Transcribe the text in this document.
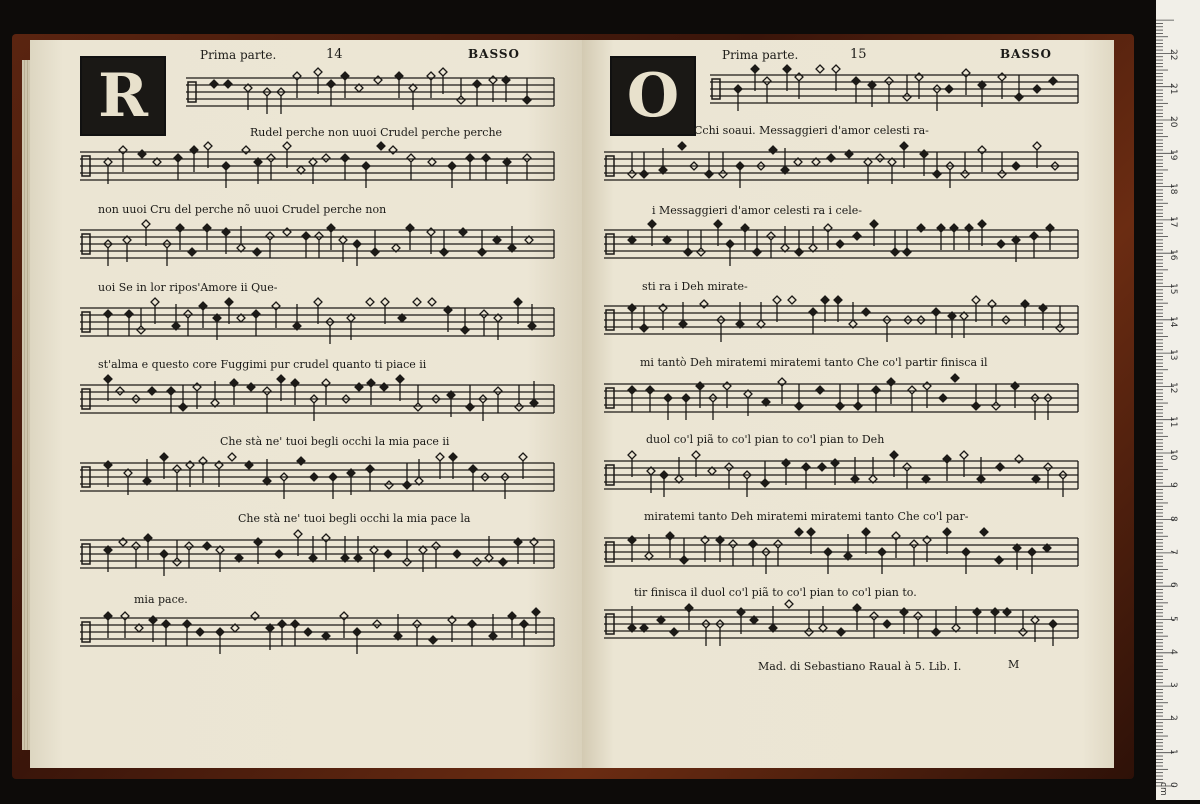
R
Prima parte.	14	BASSO
Rudel perche non uuoi Crudel perche perche
non uuoi Cru del perche nõ uuoi Crudel perche non
uoi Se in lor ripos'Amore ii Que-
st'alma e questo core Fuggimi pur crudel quanto ti piace ii
Che stà ne' tuoi begli occhi la mia pace ii
Che stà ne' tuoi begli occhi la mia pace la
mia pace.
O
Prima parte.	15	BASSO
Cchi soaui. Messaggieri d'amor celesti ra-
i Messaggieri d'amor celesti ra i cele-
sti ra i Deh mirate-
mi tantò Deh miratemi miratemi tanto Che co'l partir finisca il
duol co'l piã to co'l pian to co'l pian to Deh
miratemi tanto Deh miratemi miratemi tanto Che co'l par-
tir finisca il duol co'l piã to co'l pian to co'l pian to.
Mad. di Sebastiano Raual à 5. Lib. I.	M
22
21
20
19
18
17
16
15
14
13
12
11
10
9
8
7
6
5
4
3
2
1
0 cm
